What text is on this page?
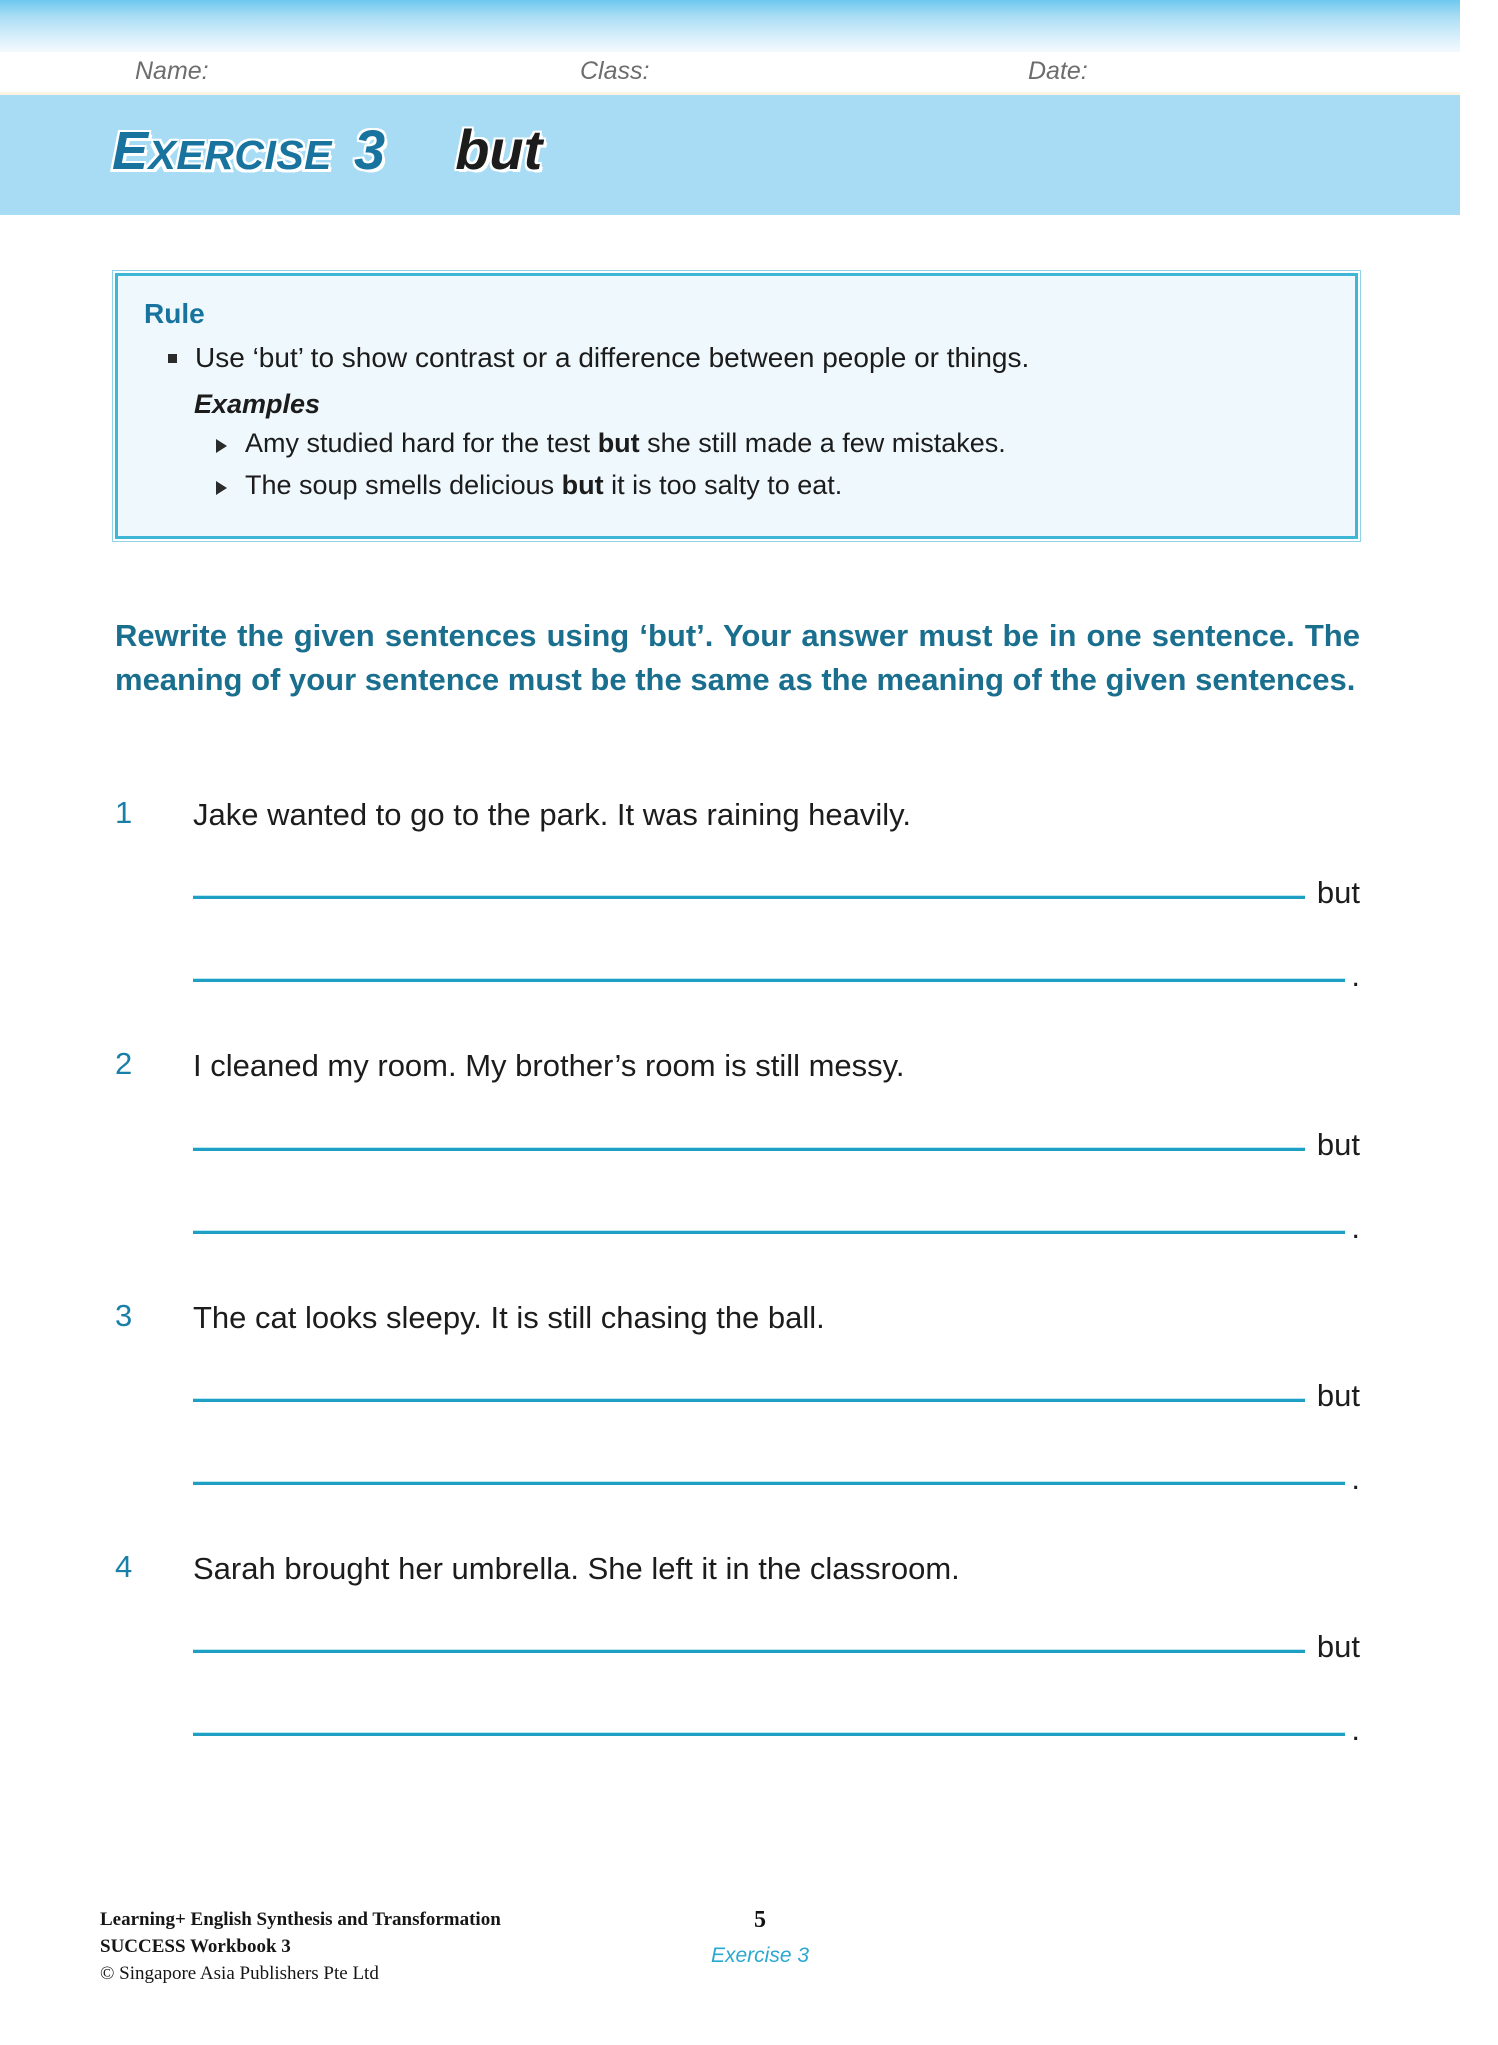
Name:	Class:	Date:
EXERCISE 3 but
Rule
Use ‘but’ to show contrast or a difference between people or things.
Examples
Amy studied hard for the test but she still made a few mistakes.
The soup smells delicious but it is too salty to eat.
Rewrite the given sentences using ‘but’. Your answer must be in one sentence. The meaning of your sentence must be the same as the meaning of the given sentences.
1	Jake wanted to go to the park. It was raining heavily.
but
.
2	I cleaned my room. My brother’s room is still messy.
but
.
3	The cat looks sleepy. It is still chasing the ball.
but
.
4	Sarah brought her umbrella. She left it in the classroom.
but
.
Learning+ English Synthesis and Transformation
SUCCESS Workbook 3
© Singapore Asia Publishers Pte Ltd
5
Exercise 3
